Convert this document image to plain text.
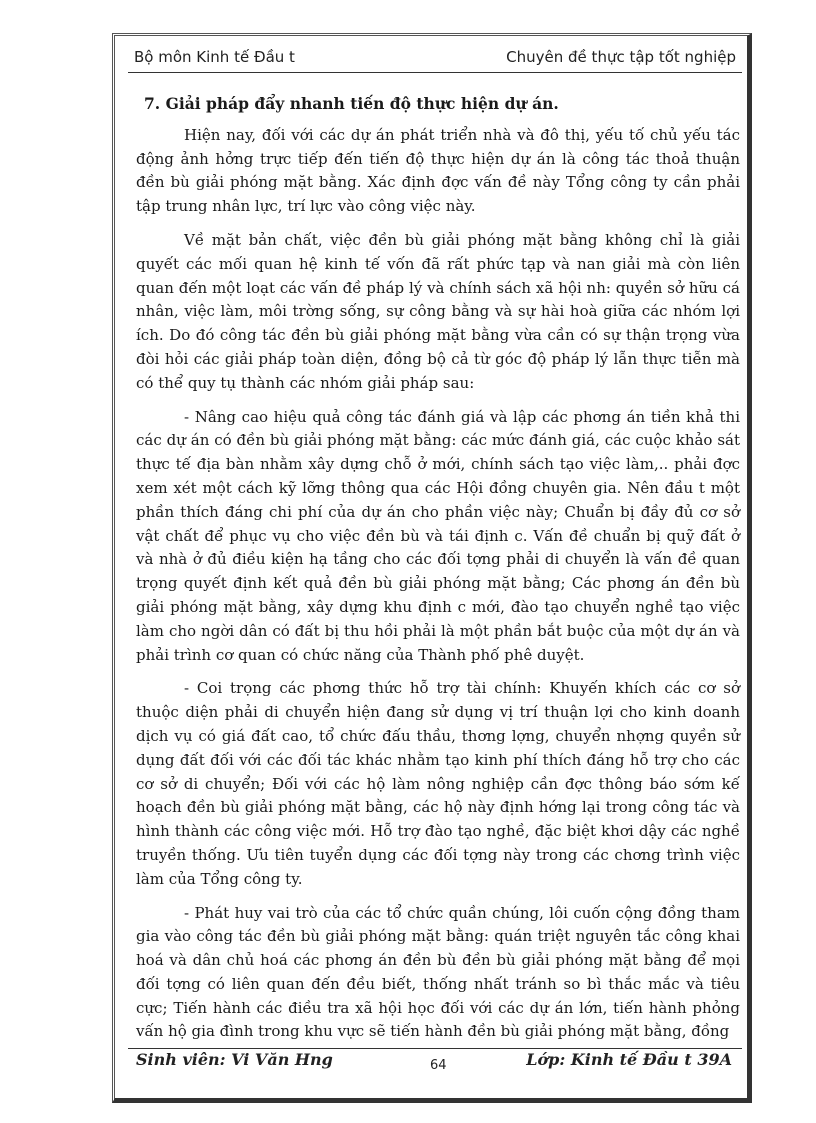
Bộ môn Kinh tế Đầu t	Chuyên đề thực tập tốt nghiệp
7. Giải pháp đẩy nhanh tiến độ thực hiện dự án.

Hiện nay, đối với các dự án phát triển nhà và đô thị, yếu tố chủ yếu tác động ảnh hởng trực tiếp đến tiến độ thực hiện dự án là công tác thoả thuận đền bù giải phóng mặt bằng. Xác định đợc vấn đề này Tổng công ty cần phải tập trung nhân lực, trí lực vào công việc này.

Về mặt bản chất, việc đền bù giải phóng mặt bằng không chỉ là giải quyết các mối quan hệ kinh tế vốn đã rất phức tạp và nan giải mà còn liên quan đến một loạt các vấn đề pháp lý và chính sách xã hội nh: quyền sở hữu cá nhân, việc làm, môi trờng sống, sự công bằng và sự hài hoà giữa các nhóm lợi ích. Do đó công tác đền bù giải phóng mặt bằng vừa cần có sự thận trọng vừa đòi hỏi các giải pháp toàn diện, đồng bộ cả từ góc độ pháp lý lẫn thực tiễn mà có thể quy tụ thành các nhóm giải pháp sau:

- Nâng cao hiệu quả công tác đánh giá và lập các phơng án tiền khả thi các dự án có đền bù giải phóng mặt bằng: các mức đánh giá, các cuộc khảo sát thực tế địa bàn nhằm xây dựng chỗ ở mới, chính sách tạo việc làm,.. phải đợc xem xét một cách kỹ lỡng thông qua các Hội đồng chuyên gia. Nên đầu t một phần thích đáng chi phí của dự án cho phần việc này; Chuẩn bị đầy đủ cơ sở vật chất để phục vụ cho việc đền bù và tái định c. Vấn đề chuẩn bị quỹ đất ở và nhà ở đủ điều kiện hạ tầng cho các đối tợng phải di chuyển là vấn đề quan trọng quyết định kết quả đền bù giải phóng mặt bằng; Các phơng án đền bù giải phóng mặt bằng, xây dựng khu định c mới, đào tạo chuyển nghề tạo việc làm cho ngời dân có đất bị thu hồi phải là một phần bắt buộc của một dự án và phải trình cơ quan có chức năng của Thành phố phê duyệt.

- Coi trọng các phơng thức hỗ trợ tài chính: Khuyến khích các cơ sở thuộc diện phải di chuyển hiện đang sử dụng vị trí thuận lợi cho kinh doanh dịch vụ có giá đất cao, tổ chức đấu thầu, thơng lợng, chuyển nhợng quyền sử dụng đất đối với các đối tác khác nhằm tạo kinh phí thích đáng hỗ trợ cho các cơ sở di chuyển; Đối với các hộ làm nông nghiệp cần đợc thông báo sớm kế hoạch đền bù giải phóng mặt bằng, các hộ này định hớng lại trong công tác và hình thành các công việc mới. Hỗ trợ đào tạo nghề, đặc biệt khơi dậy các nghề truyền thống. Ưu tiên tuyển dụng các đối tợng này trong các chơng trình việc làm của Tổng công ty.

- Phát huy vai trò của các tổ chức quần chúng, lôi cuốn cộng đồng tham gia vào công tác đền bù giải phóng mặt bằng: quán triệt nguyên tắc công khai hoá và dân chủ hoá các phơng án đền bù đền bù giải phóng mặt bằng để mọi đối tợng có liên quan đến đều biết, thống nhất tránh so bì thắc mắc và tiêu cực; Tiến hành các điều tra xã hội học đối với các dự án lớn, tiến hành phỏng vấn hộ gia đình trong khu vực sẽ tiến hành đền bù giải phóng mặt bằng, đồng

Sinh viên: Vi Văn Hng	64	Lớp: Kinh tế Đầu t 39A
